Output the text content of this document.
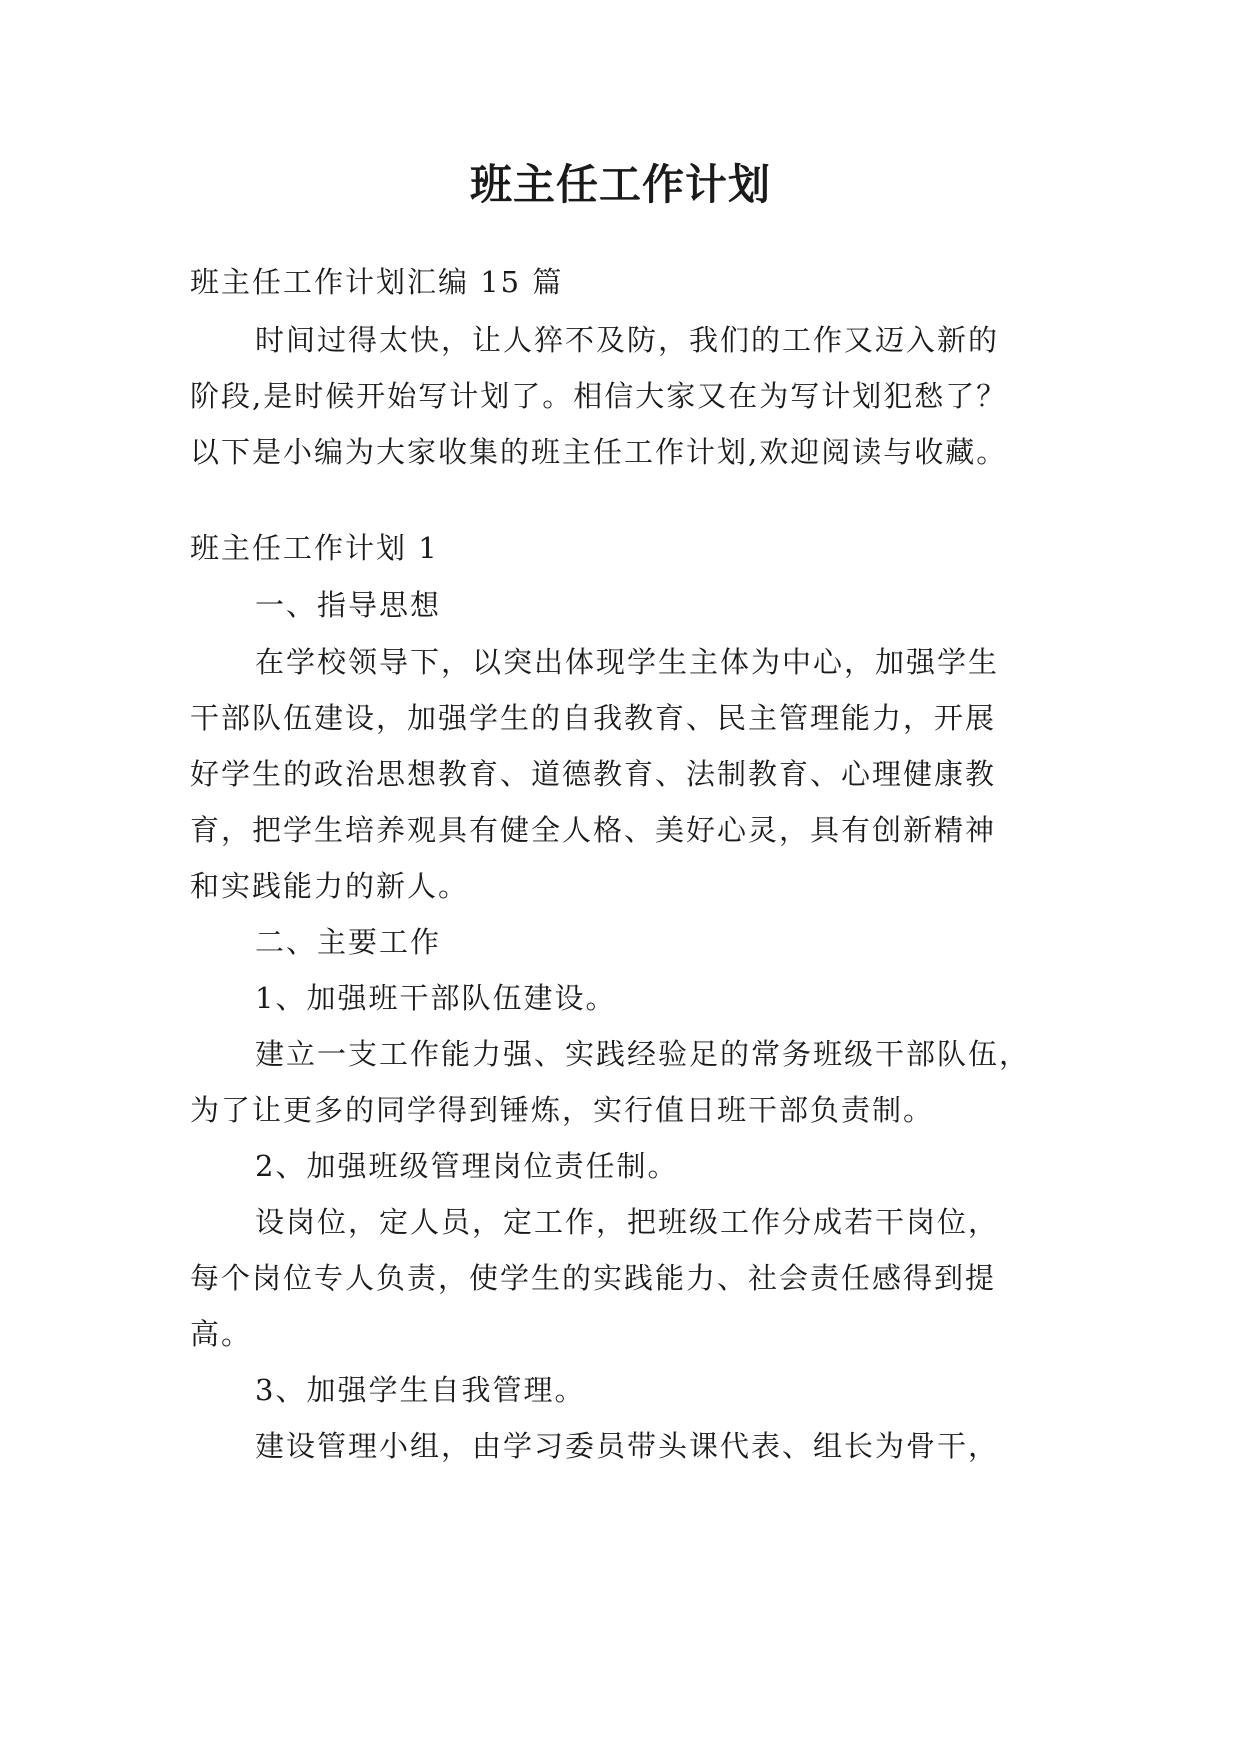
班主任工作计划
班主任工作计划汇编 15 篇
时间过得太快，让人猝不及防，我们的工作又迈入新的
阶段,是时候开始写计划了。相信大家又在为写计划犯愁了？
以下是小编为大家收集的班主任工作计划,欢迎阅读与收藏。
班主任工作计划 1
一、指导思想
在学校领导下，以突出体现学生主体为中心，加强学生
干部队伍建设，加强学生的自我教育、民主管理能力，开展
好学生的政治思想教育、道德教育、法制教育、心理健康教
育，把学生培养观具有健全人格、美好心灵，具有创新精神
和实践能力的新人。
二、主要工作
1、加强班干部队伍建设。
建立一支工作能力强、实践经验足的常务班级干部队伍，
为了让更多的同学得到锤炼，实行值日班干部负责制。
2、加强班级管理岗位责任制。
设岗位，定人员，定工作，把班级工作分成若干岗位，
每个岗位专人负责，使学生的实践能力、社会责任感得到提
高。
3、加强学生自我管理。
建设管理小组，由学习委员带头课代表、组长为骨干，
